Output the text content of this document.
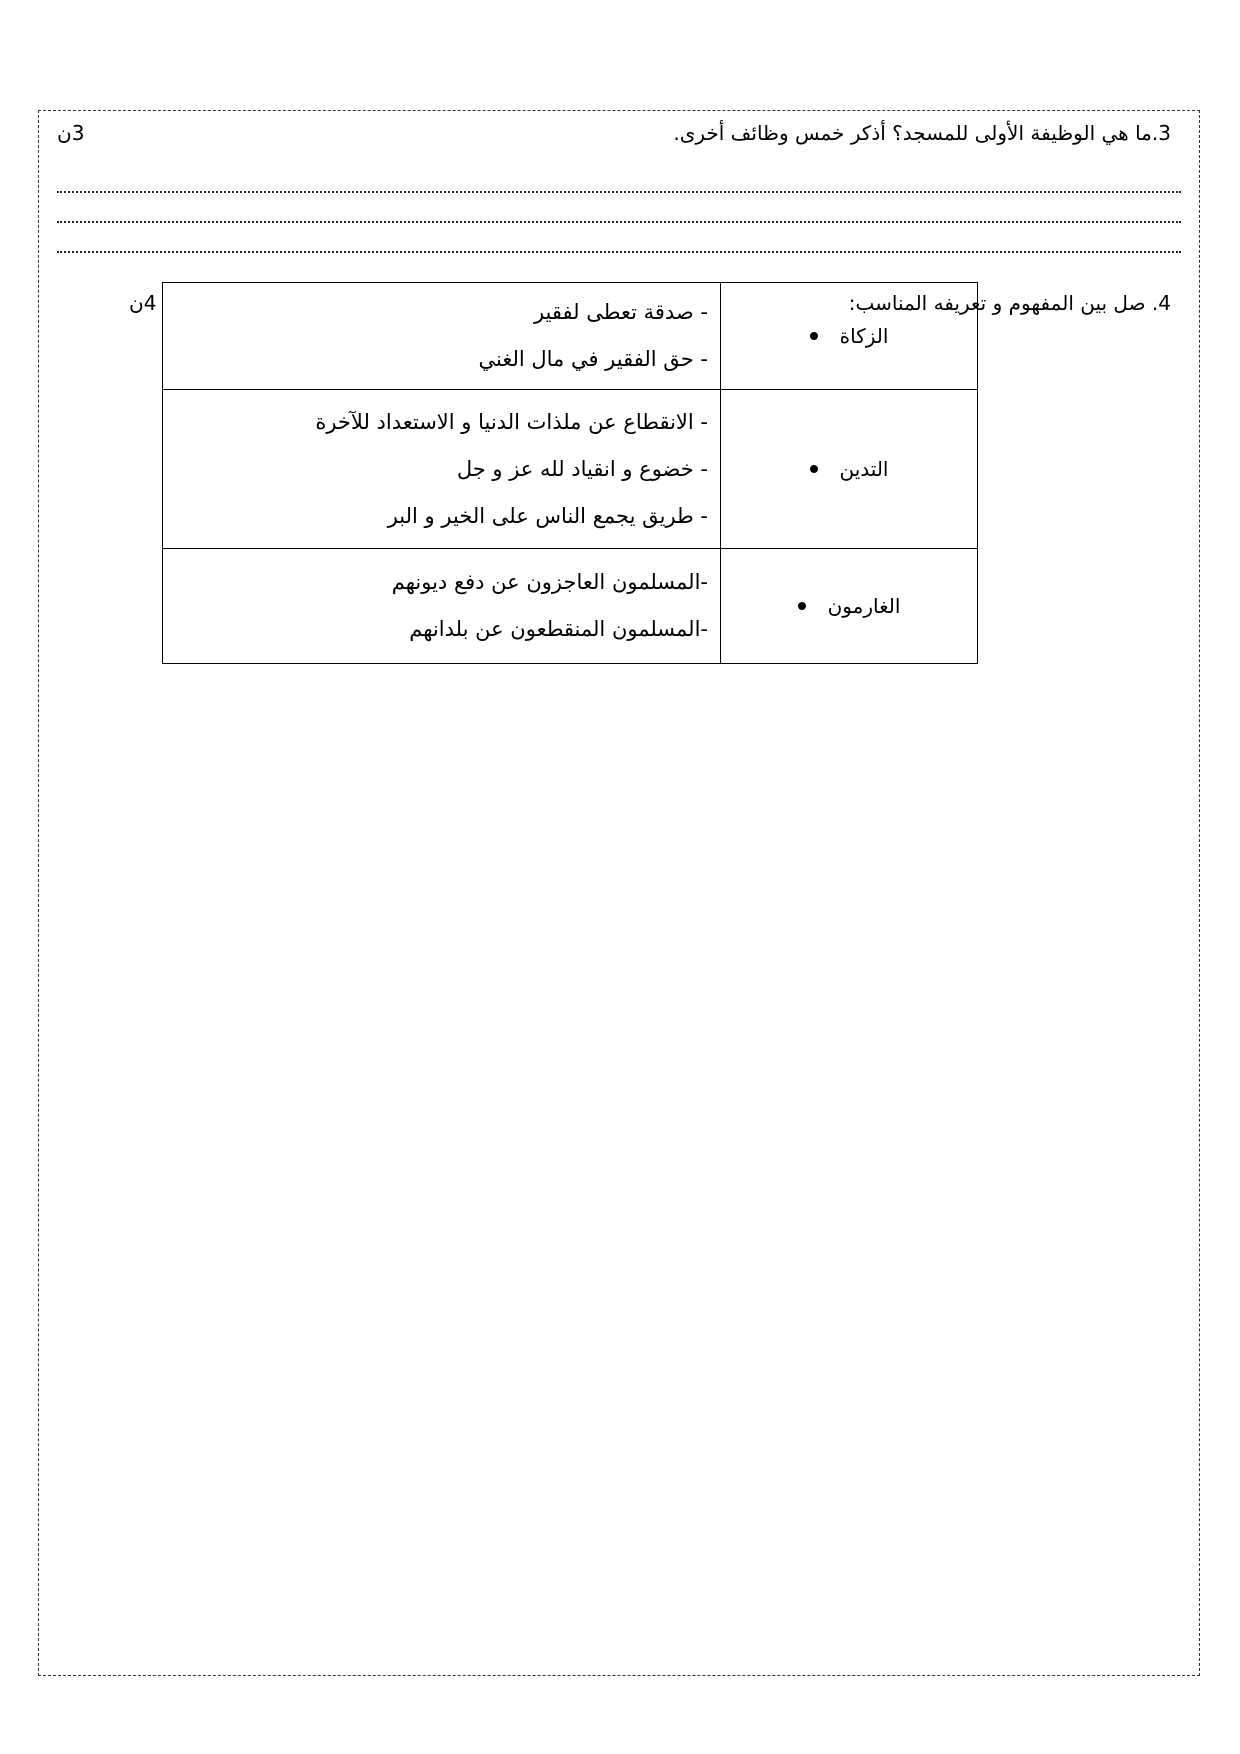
3.ما هي الوظيفة الأولى للمسجد؟ أذكر خمس وظائف أخرى.
3ن
4. صل بين المفهوم و تعريفه المناسب:
4ن
الزكاة	- صدقة تعطى لفقير
- حق الفقير في مال الغني

التدين	- الانقطاع عن ملذات الدنيا و الاستعداد للآخرة
- خضوع و انقياد لله عز و جل
- طريق يجمع الناس على الخير و البر

الغارمون	-المسلمون العاجزون عن دفع ديونهم
-المسلمون المنقطعون عن بلدانهم
